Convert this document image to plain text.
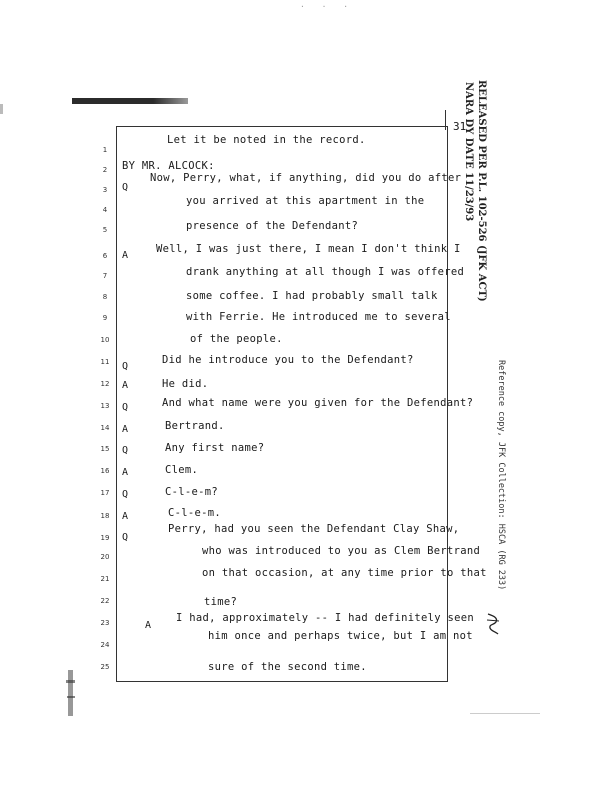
· · ·
31
1
2
3
4
5
6
7
8
9
10
11
12
13
14
15
16
17
18
19
20
21
22
23
24
25
Q
A
Q
A
Q
A
Q
A
Q
A
Q
A
Let it be noted in the record.
BY MR. ALCOCK:
Now, Perry, what, if anything, did you do after
you arrived at this apartment in the
presence of the Defendant?
Well, I was just there, I mean I don't think I
drank anything at all though I was offered
some coffee. I had probably small talk
with Ferrie. He introduced me to several
of the people.
Did he introduce you to the Defendant?
He did.
And what name were you given for the Defendant?
Bertrand.
Any first name?
Clem.
C-l-e-m?
C-l-e-m.
Perry, had you seen the Defendant Clay Shaw,
who was introduced to you as Clem Bertrand
on that occasion, at any time prior to that
time?
I had, approximately -- I had definitely seen
him once and perhaps twice, but I am not
sure of the second time.
RELEASED PER P.L. 102-526 (JFK ACT)
NARA DY DATE 11/23/93
Reference copy, JFK Collection: HSCA (RG 233)
